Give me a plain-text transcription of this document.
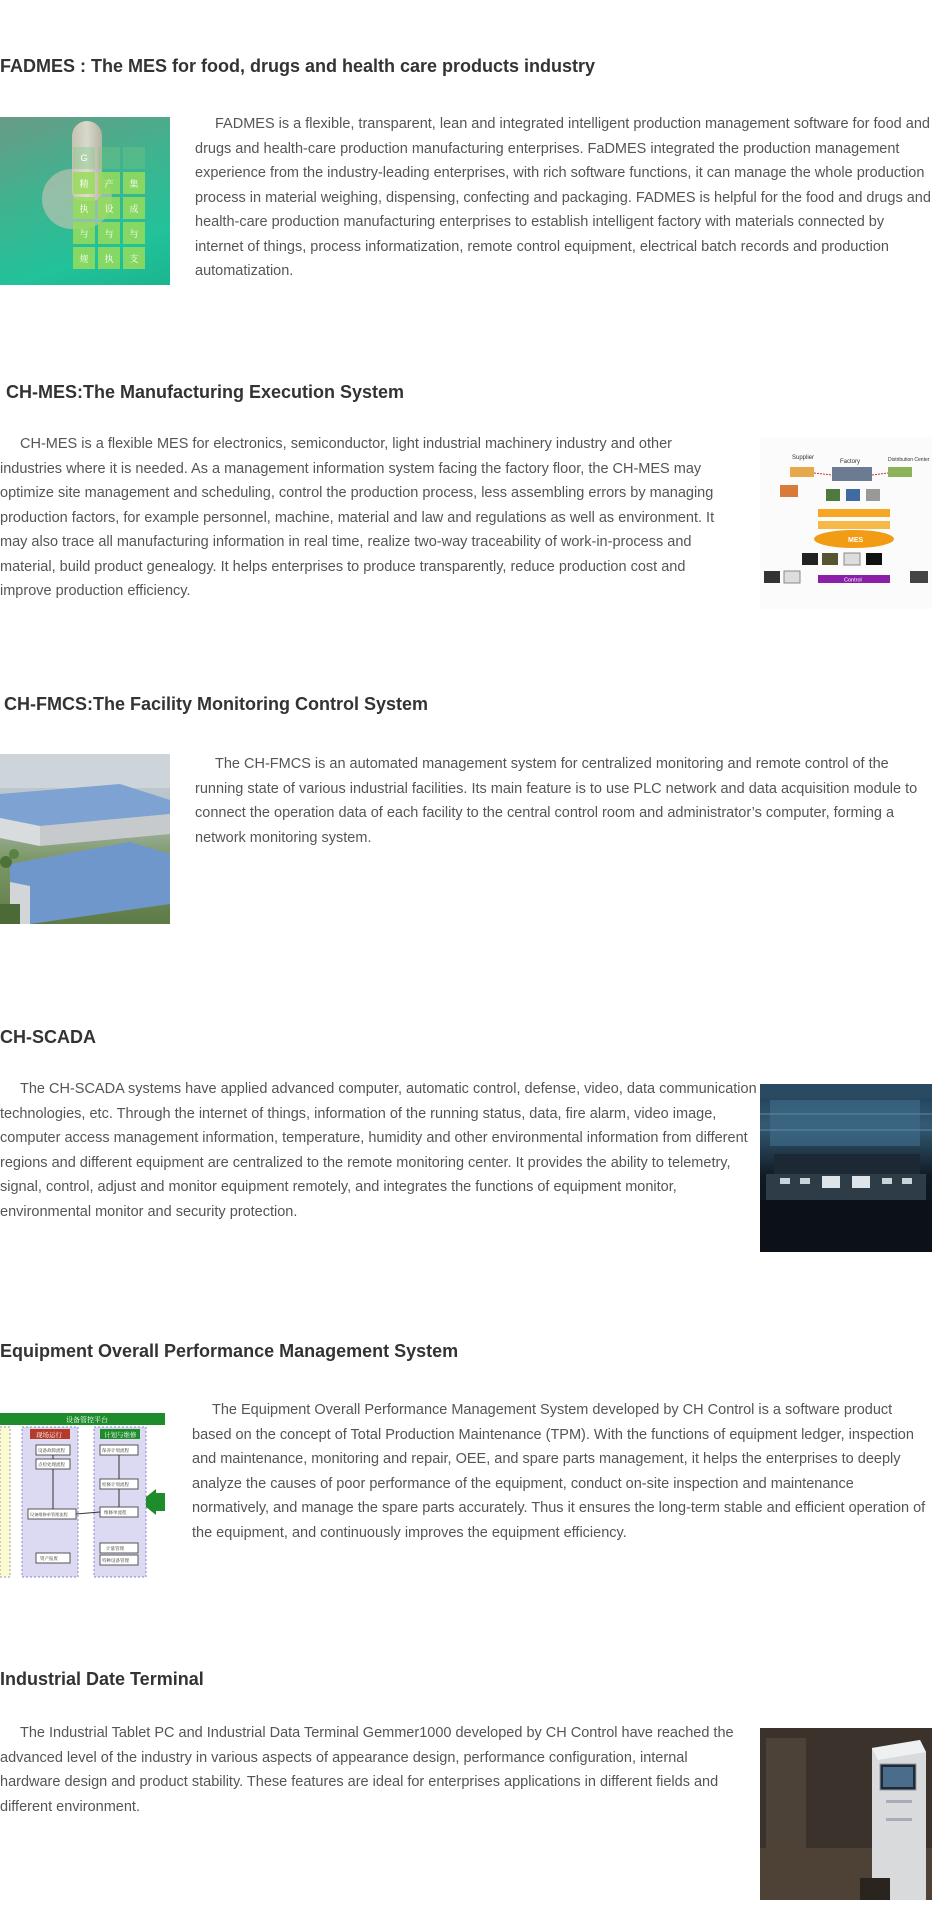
FADMES : The MES for food, drugs and health care products industry
G
精	产	集
执	设	成
与	与	与
规	执	支

FADMES is a flexible, transparent, lean and integrated intelligent production management software for food and drugs and health-care production manufacturing enterprises. FaDMES integrated the production management experience from the industry-leading enterprises, with rich software functions, it can manage the whole production process in material weighing, dispensing, confecting and packaging. FADMES is helpful for the food and drugs and health-care production manufacturing enterprises to establish intelligent factory with materials connected by internet of things, process informatization, remote control equipment, electrical batch records and production automatization.

CH-MES:The Manufacturing Execution System

CH-MES is a flexible MES for electronics, semiconductor, light industrial machinery industry and other industries where it is needed. As a management information system facing the factory floor, the CH-MES may optimize site management and scheduling, control the production process, less assembling errors by managing production factors, for example personnel, machine, material and law and regulations as well as environment. It may also trace all manufacturing information in real time, realize two-way traceability of work-in-process and material, build product genealogy. It helps enterprises to produce transparently, reduce production cost and improve production efficiency.

Supplier
Factory	Distribution Center
MES
Control
CH-FMCS:The Facility Monitoring Control System

The CH-FMCS is an automated management system for centralized monitoring and remote control of the running state of various industrial facilities. Its main feature is to use PLC network and data acquisition module to connect the operation data of each facility to the central control room and administrator’s computer, forming a network monitoring system.

CH-SCADA

The CH-SCADA systems have applied advanced computer, automatic control, defense, video, data communication technologies, etc. Through the internet of things, information of the running status, data, fire alarm, video image, computer access management information, temperature, humidity and other environmental information from different regions and different equipment are centralized to the remote monitoring center. It provides the ability to telemetry, signal, control, adjust and monitor equipment remotely, and integrates the functions of equipment monitor, environmental monitor and security protection.

Equipment Overall Performance Management System
设备管控平台
现场运行	计划与维修
设备故障流程
点检处理流程
设备维修单管理流程
资产报废
保养计划流程
检修计划流程
维修单流程
计量管理
特种设备管理

The Equipment Overall Performance Management System developed by CH Control is a software product based on the concept of Total Production Maintenance (TPM). With the functions of equipment ledger, inspection and maintenance, monitoring and repair, OEE, and spare parts management, it helps the enterprises to deeply analyze the causes of poor performance of the equipment, conduct on-site inspection and maintenance normatively, and manage the spare parts accurately. Thus it ensures the long-term stable and efficient operation of the equipment, and continuously improves the equipment efficiency.

Industrial Date Terminal

The Industrial Tablet PC and Industrial Data Terminal Gemmer1000 developed by CH Control have reached the advanced level of the industry in various aspects of appearance design, performance configuration, internal hardware design and product stability. These features are ideal for enterprises applications in different fields and different environment.
